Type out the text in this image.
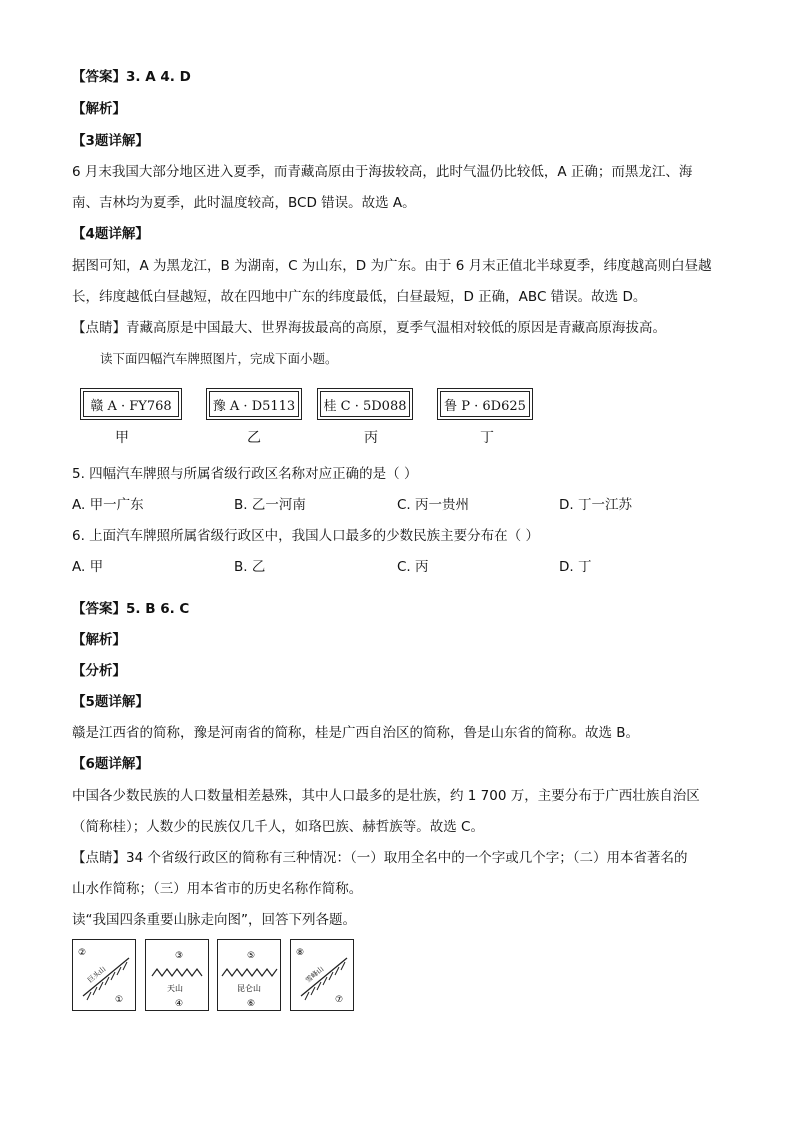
【答案】3. A 4. D
【解析】
【3题详解】
6 月末我国大部分地区进入夏季，而青藏高原由于海拔较高，此时气温仍比较低，A 正确；而黑龙江、海
南、吉林均为夏季，此时温度较高，BCD 错误。故选 A。
【4题详解】
据图可知，A 为黑龙江，B 为湖南，C 为山东，D 为广东。由于 6 月末正值北半球夏季，纬度越高则白昼越
长，纬度越低白昼越短，故在四地中广东的纬度最低，白昼最短，D 正确，ABC 错误。故选 D。
【点睛】青藏高原是中国最大、世界海拔最高的高原，夏季气温相对较低的原因是青藏高原海拔高。
读下面四幅汽车牌照图片，完成下面小题。
赣 A · FY768	豫 A · D5113 桂 C · 5D088	鲁 P · 6D625
甲	乙	丙	丁
5. 四幅汽车牌照与所属省级行政区名称对应正确的是（ ）
A. 甲一广东	B. 乙一河南	C. 丙一贵州	D. 丁一江苏
6. 上面汽车牌照所属省级行政区中，我国人口最多的少数民族主要分布在（ ）
A. 甲	B. 乙	C. 丙	D. 丁
【答案】5. B 6. C
【解析】
【分析】
【5题详解】
赣是江西省的简称，豫是河南省的简称，桂是广西自治区的简称，鲁是山东省的简称。故选 B。
【6题详解】
中国各少数民族的人口数量相差悬殊，其中人口最多的是壮族，约 1 700 万，主要分布于广西壮族自治区
（简称桂）；人数少的民族仅几千人，如珞巴族、赫哲族等。故选 C。
【点睛】34 个省级行政区的简称有三种情况：（一）取用全名中的一个字或几个字；（二）用本省著名的
山水作简称；（三）用本省市的历史名称作简称。
读“我国四条重要山脉走向图”，回答下列各题。
②
①
巨头山
③
天山
④
⑤
昆仑山
⑥
⑧
⑦
雪峰山
